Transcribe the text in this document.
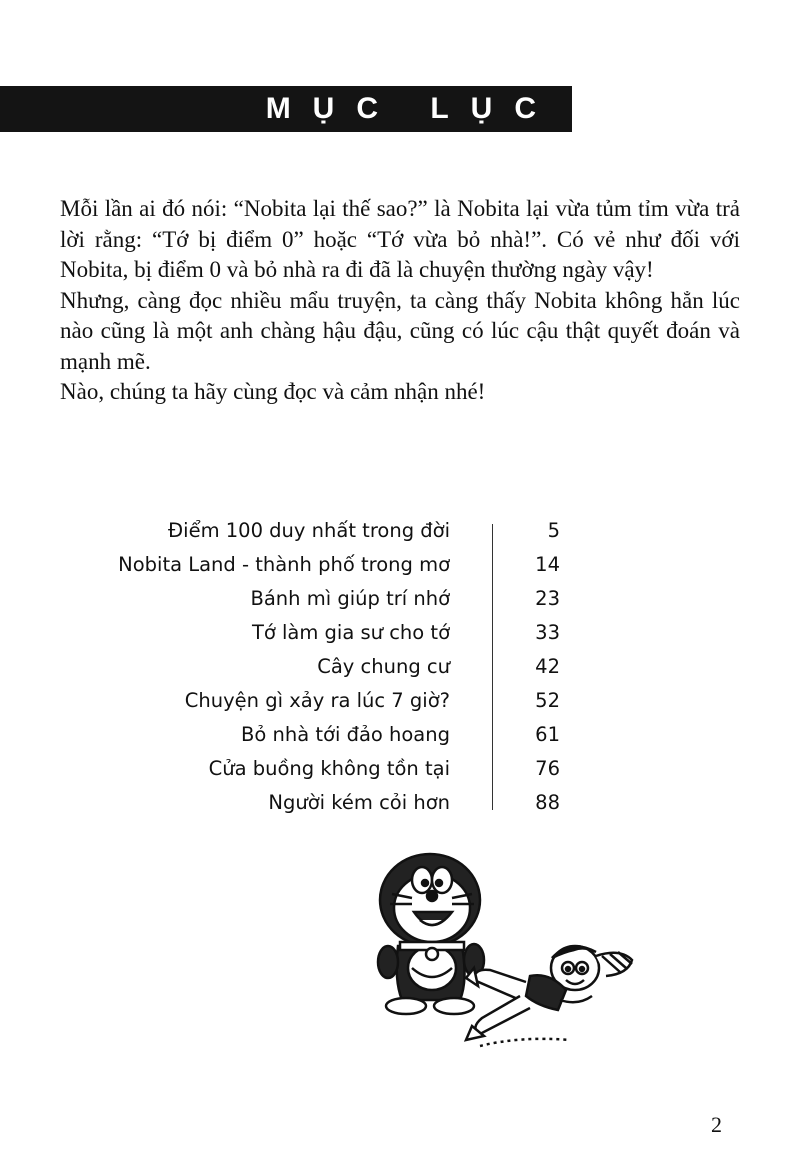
MỤC LỤC

Mỗi lần ai đó nói: “Nobita lại thế sao?” là Nobita lại vừa tủm tỉm vừa trả lời rằng: “Tớ bị điểm 0” hoặc “Tớ vừa bỏ nhà!”. Có vẻ như đối với Nobita, bị điểm 0 và bỏ nhà ra đi đã là chuyện thường ngày vậy!

Nhưng, càng đọc nhiều mẩu truyện, ta càng thấy Nobita không hẳn lúc nào cũng là một anh chàng hậu đậu, cũng có lúc cậu thật quyết đoán và mạnh mẽ.

Nào, chúng ta hãy cùng đọc và cảm nhận nhé!

Điểm 100 duy nhất trong đời	5
Nobita Land - thành phố trong mơ	14
Bánh mì giúp trí nhớ	23
Tớ làm gia sư cho tớ	33
Cây chung cư	42
Chuyện gì xảy ra lúc 7 giờ?	52
Bỏ nhà tới đảo hoang	61
Cửa buồng không tồn tại	76
Người kém cỏi hơn	88
2
